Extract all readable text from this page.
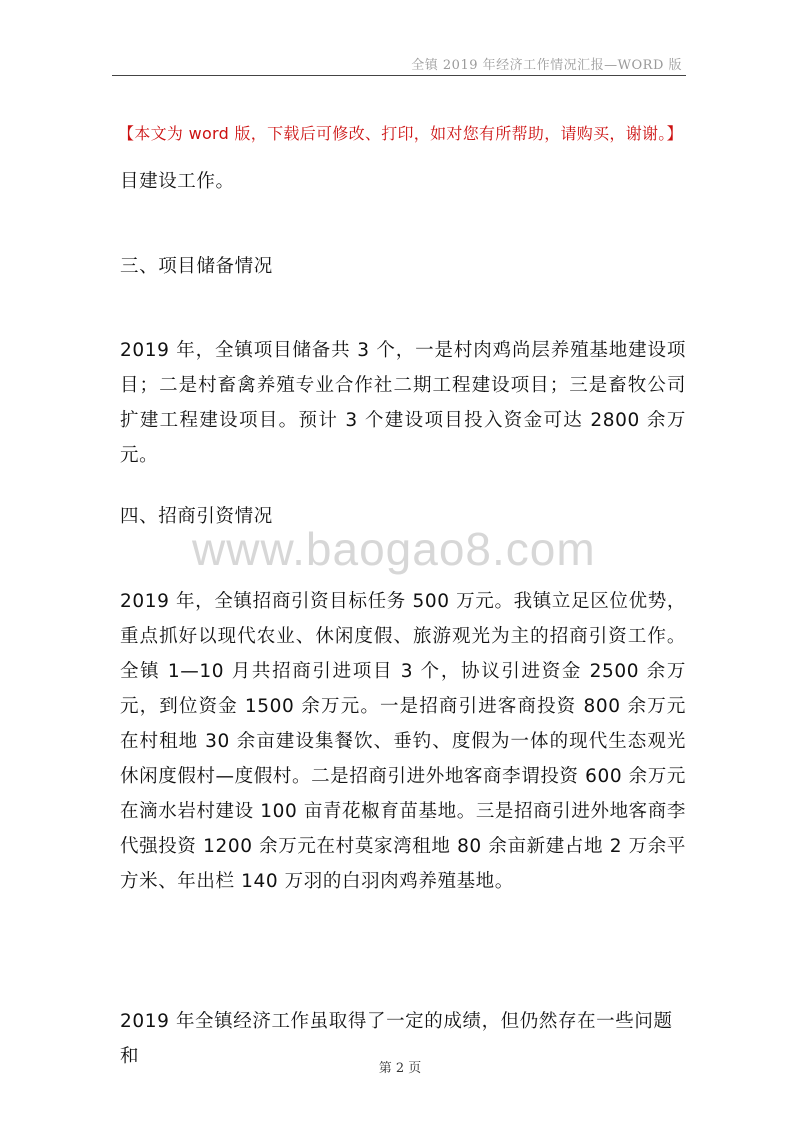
全镇 2019 年经济工作情况汇报—WORD 版
【本文为 word 版，下载后可修改、打印，如对您有所帮助，请购买，谢谢。】

目建设工作。

三、项目储备情况

2019 年，全镇项目储备共 3 个，一是村肉鸡尚层养殖基地建设项目；二是村畜禽养殖专业合作社二期工程建设项目；三是畜牧公司扩建工程建设项目。预计 3 个建设项目投入资金可达 2800 余万元。

四、招商引资情况

www.baogao8.com

2019 年，全镇招商引资目标任务 500 万元。我镇立足区位优势，重点抓好以现代农业、休闲度假、旅游观光为主的招商引资工作。全镇 1—10 月共招商引进项目 3 个，协议引进资金 2500 余万元，到位资金 1500 余万元。一是招商引进客商投资 800 余万元在村租地 30 余亩建设集餐饮、垂钓、度假为一体的现代生态观光休闲度假村—度假村。二是招商引进外地客商李谓投资 600 余万元在滴水岩村建设 100 亩青花椒育苗基地。三是招商引进外地客商李代强投资 1200 余万元在村莫家湾租地 80 余亩新建占地 2 万余平方米、年出栏 140 万羽的白羽肉鸡养殖基地。

2019 年全镇经济工作虽取得了一定的成绩，但仍然存在一些问题和

第 2 页
